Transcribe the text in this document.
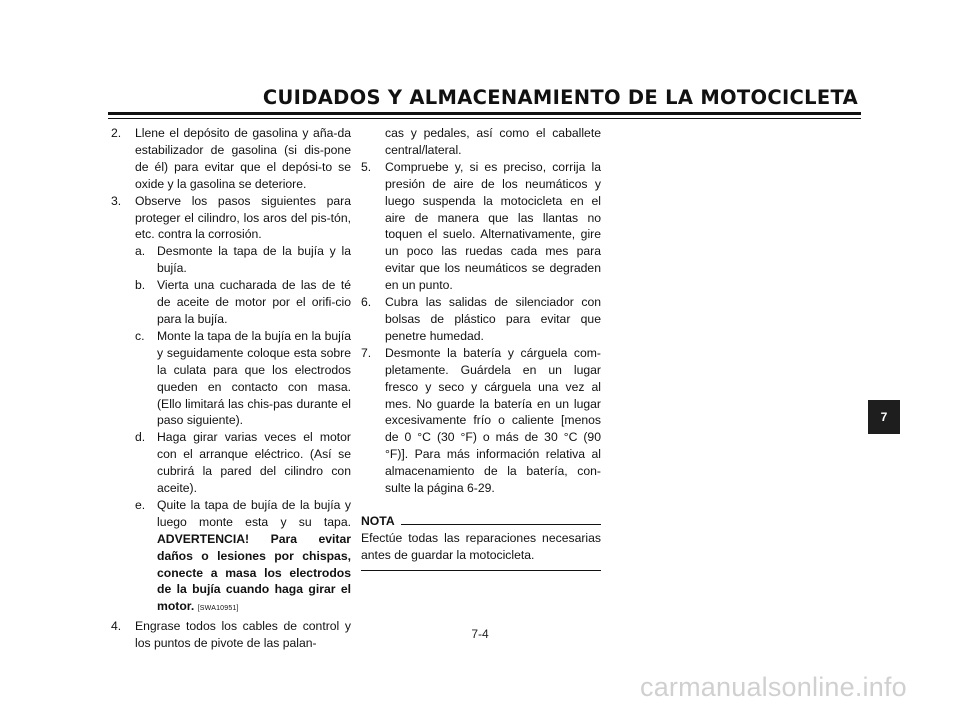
CUIDADOS Y ALMACENAMIENTO DE LA MOTOCICLETA
2.	Llene el depósito de gasolina y aña-da estabilizador de gasolina (si dis-pone de él) para evitar que el depósi-to se oxide y la gasolina se deteriore.
3.	Observe los pasos siguientes para proteger el cilindro, los aros del pis-tón, etc. contra la corrosión.
a. Desmonte la tapa de la bujía y la bujía.
b. Vierta una cucharada de las de té de aceite de motor por el orifi-cio para la bujía.
c.	Monte la tapa de la bujía en la bujía y seguidamente coloque esta sobre la culata para que los electrodos queden en contacto con masa. (Ello limitará las chis-pas durante el paso siguiente).
d. Haga girar varias veces el motor con el arranque eléctrico. (Así se cubrirá la pared del cilindro con aceite).
e. Quite la tapa de bujía de la bujía y luego monte esta y su tapa. ADVERTENCIA! Para evitar daños o lesiones por chispas, conecte a masa los electrodos de la bujía cuando haga girar el motor. [SWA10951]
4.	Engrase todos los cables de control y los puntos de pivote de las palan-
cas y pedales, así como el caballete central/lateral.
5.	Compruebe y, si es preciso, corrija la presión de aire de los neumáticos y luego suspenda la motocicleta en el aire de manera que las llantas no toquen el suelo. Alternativamente, gire un poco las ruedas cada mes para evitar que los neumáticos se degraden en un punto.
6.	Cubra las salidas de silenciador con bolsas de plástico para evitar que penetre humedad.
7.	Desmonte la batería y cárguela com-pletamente. Guárdela en un lugar fresco y seco y cárguela una vez al mes. No guarde la batería en un lugar excesivamente frío o caliente [menos de 0 °C (30 °F) o más de 30 °C (90 °F)]. Para más información relativa al almacenamiento de la batería, con-sulte la página 6-29.
NOTA
Efectúe todas las reparaciones necesarias antes de guardar la motocicleta.
7-4
7
carmanualsonline.info
